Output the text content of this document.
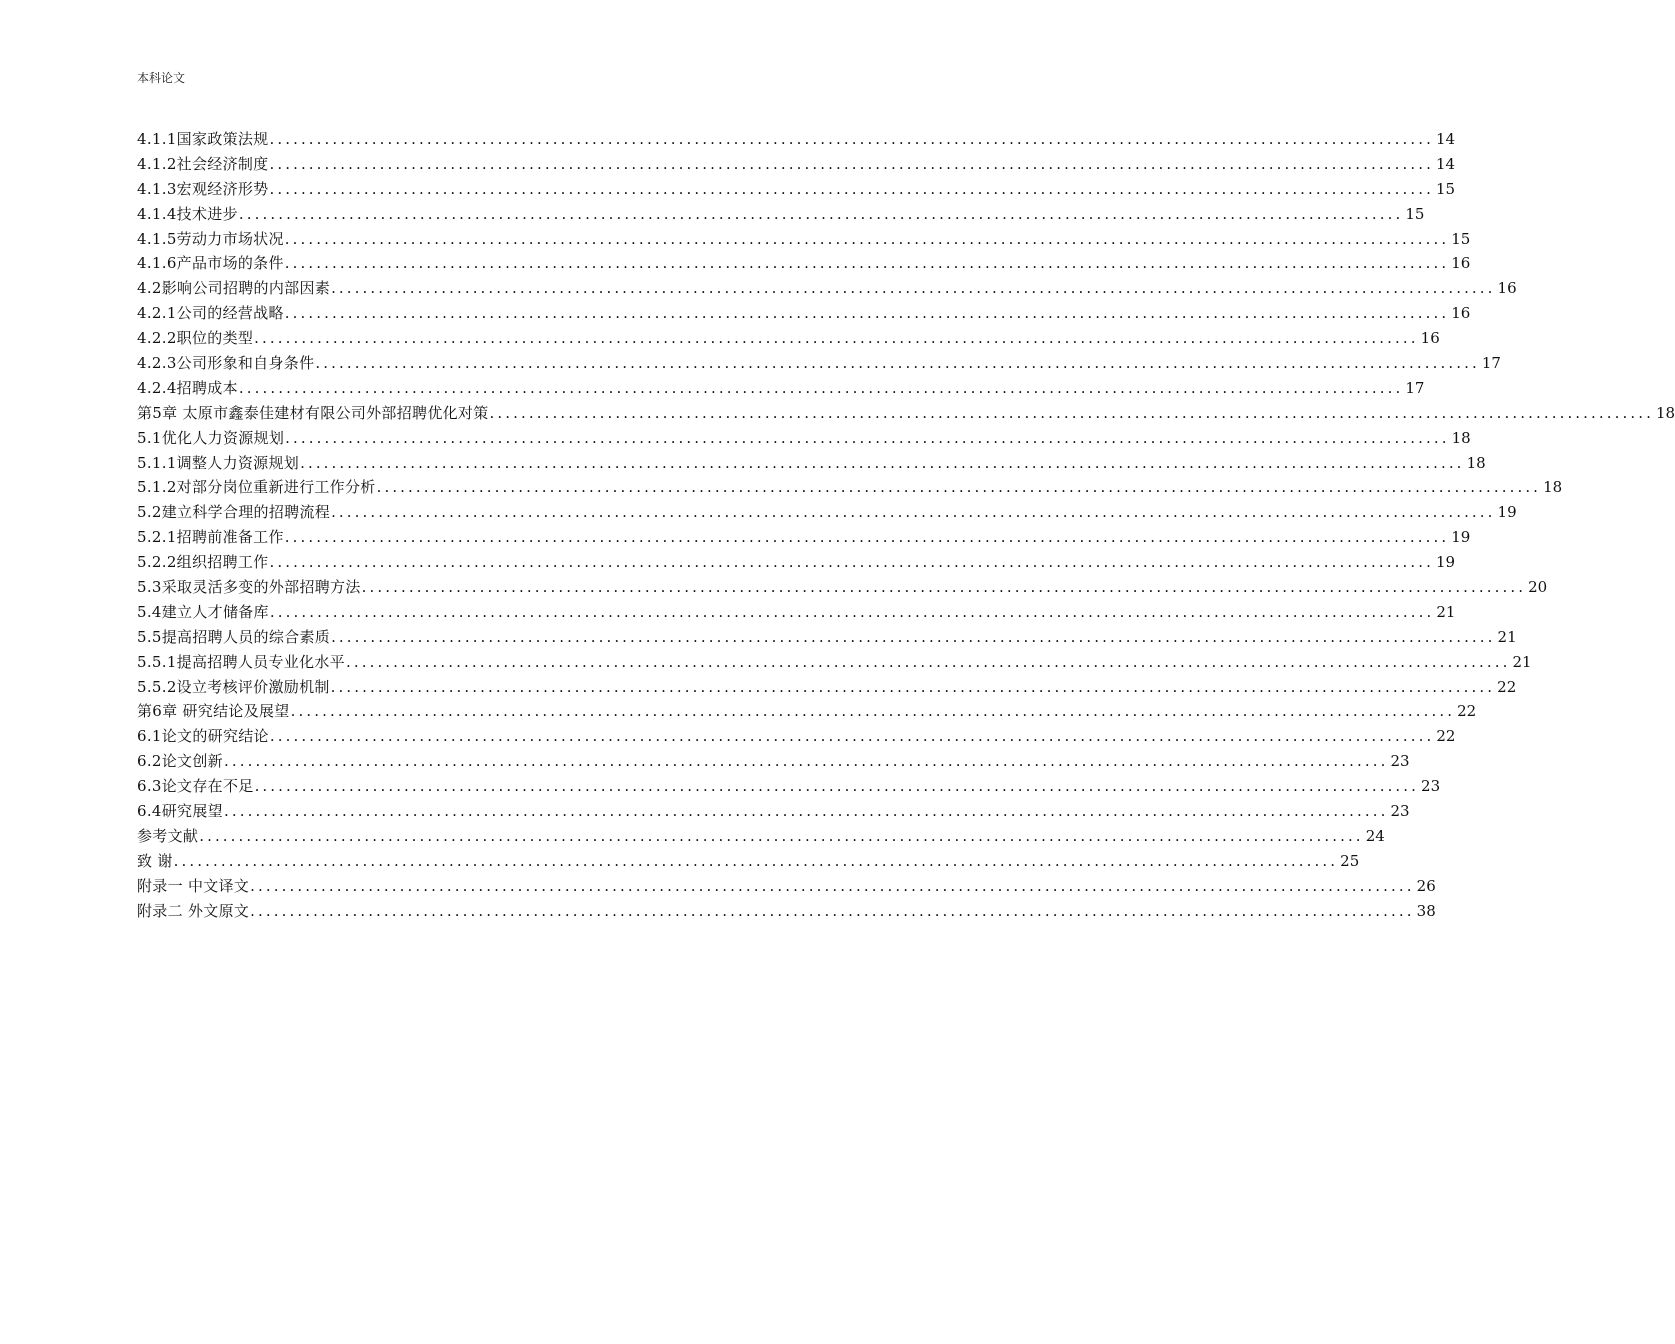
本科论文
4.1.1国家政策法规 .................................................................................................................................................... 14
4.1.2社会经济制度 .................................................................................................................................................... 14
4.1.3宏观经济形势 .................................................................................................................................................... 15
4.1.4技术进步 .................................................................................................................................................... 15
4.1.5劳动力市场状况 .................................................................................................................................................... 15
4.1.6产品市场的条件 .................................................................................................................................................... 16
4.2影响公司招聘的内部因素 .................................................................................................................................................... 16
4.2.1公司的经营战略 .................................................................................................................................................... 16
4.2.2职位的类型 .................................................................................................................................................... 16
4.2.3公司形象和自身条件 .................................................................................................................................................... 17
4.2.4招聘成本 .................................................................................................................................................... 17
第5章 太原市鑫泰佳建材有限公司外部招聘优化对策 .................................................................................................................................................... 18
5.1优化人力资源规划 .................................................................................................................................................... 18
5.1.1调整人力资源规划 .................................................................................................................................................... 18
5.1.2对部分岗位重新进行工作分析 .................................................................................................................................................... 18
5.2建立科学合理的招聘流程 .................................................................................................................................................... 19
5.2.1招聘前准备工作 .................................................................................................................................................... 19
5.2.2组织招聘工作 .................................................................................................................................................... 19
5.3采取灵活多变的外部招聘方法 .................................................................................................................................................... 20
5.4建立人才储备库 .................................................................................................................................................... 21
5.5提高招聘人员的综合素质 .................................................................................................................................................... 21
5.5.1提高招聘人员专业化水平 .................................................................................................................................................... 21
5.5.2设立考核评价激励机制 .................................................................................................................................................... 22
第6章 研究结论及展望 .................................................................................................................................................... 22
6.1论文的研究结论 .................................................................................................................................................... 22
6.2论文创新 .................................................................................................................................................... 23
6.3论文存在不足 .................................................................................................................................................... 23
6.4研究展望 .................................................................................................................................................... 23
参考文献 .................................................................................................................................................... 24
致 谢 .................................................................................................................................................... 25
附录一 中文译文 .................................................................................................................................................... 26
附录二 外文原文 .................................................................................................................................................... 38
